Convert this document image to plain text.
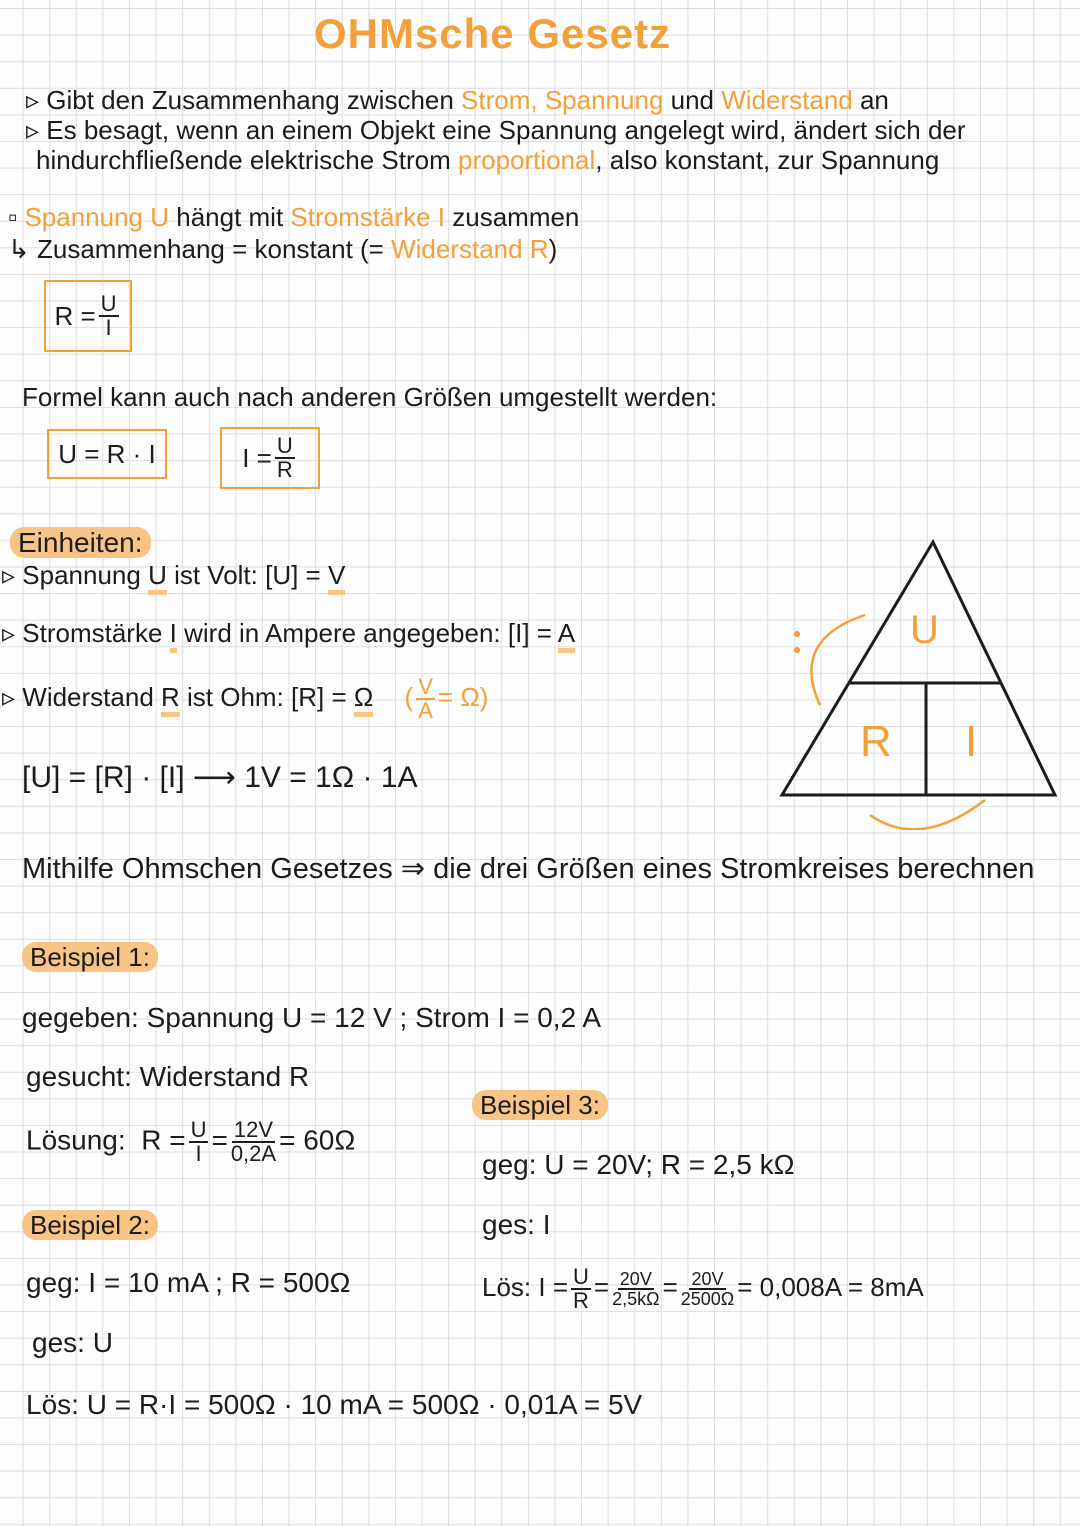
OHMsche Gesetz
▹ Gibt den Zusammenhang zwischen Strom, Spannung und Widerstand an
▹ Es besagt, wenn an einem Objekt eine Spannung angelegt wird, ändert sich der
hindurchfließende elektrische Strom proportional, also konstant, zur Spannung
▫ Spannung U hängt mit Stromstärke I zusammen
↳ Zusammenhang = konstant (= Widerstand R)
$R = \frac{U}{I}$
Formel kann auch nach anderen Größen umgestellt werden:
U = R · I	$I = \frac{U}{R}$
Einheiten:
▹ Spannung U ist Volt: [U] = V
▹ Stromstärke I wird in Ampere angegeben: [I] = A
▹ Widerstand R ist Ohm: [R] = Ω ( $\frac{V}{A} = \Omega$)
[U] = [R] · [I] ⟶ 1V = 1Ω · 1A
U
R I
Mithilfe Ohmschen Gesetzes ⇒ die drei Größen eines Stromkreises berechnen
Beispiel 1:
gegeben: Spannung U = 12 V ; Strom I = 0,2 A
gesucht: Widerstand R
Lösung: $R = \frac{U}{I} = \frac{12V}{0,2A} = 60\Omega$
Beispiel 2:
geg: I = 10 mA ; R = 500Ω
ges: U
Lös: U = R·I = 500Ω · 10 mA = 500Ω · 0,01A = 5V
Beispiel 3:
geg: U = 20V; R = 2,5 kΩ
ges: I
Lös: $I = \frac{U}{R} = \frac{20V}{2,5k\Omega} = \frac{20V}{2500\Omega} = 0,008A = 8mA$
